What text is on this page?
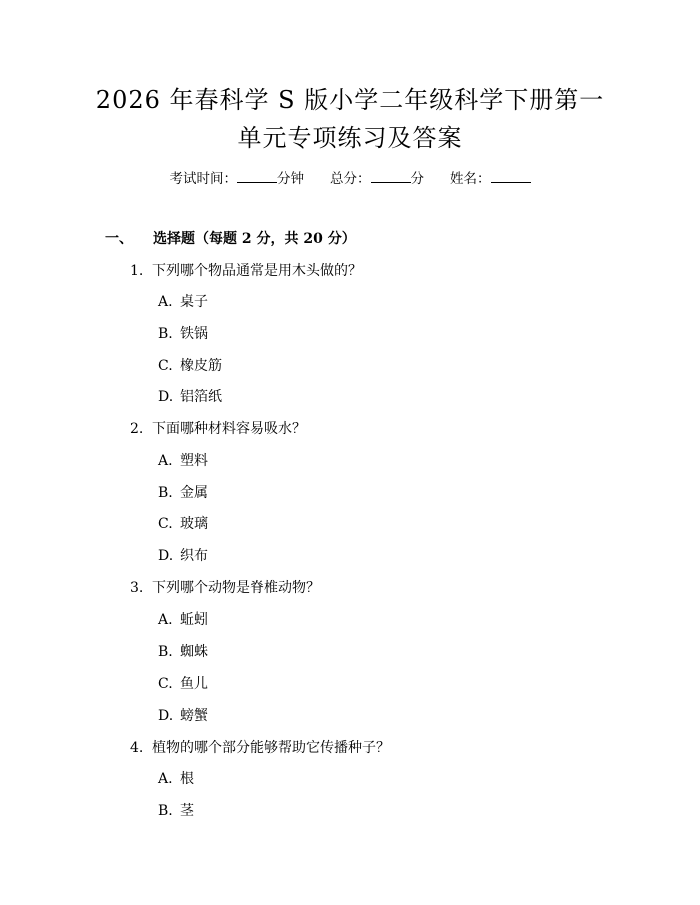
2026 年春科学 S 版小学二年级科学下册第一
单元专项练习及答案
考试时间：	分钟 总分：	分 姓名：
一、 选择题（每题 2 分，共 20 分）
1. 下列哪个物品通常是用木头做的？
A. 桌子
B. 铁锅
C. 橡皮筋
D. 铝箔纸
2. 下面哪种材料容易吸水？
A. 塑料
B. 金属
C. 玻璃
D. 织布
3. 下列哪个动物是脊椎动物？
A. 蚯蚓
B. 蜘蛛
C. 鱼儿
D. 螃蟹
4. 植物的哪个部分能够帮助它传播种子？
A. 根
B. 茎
